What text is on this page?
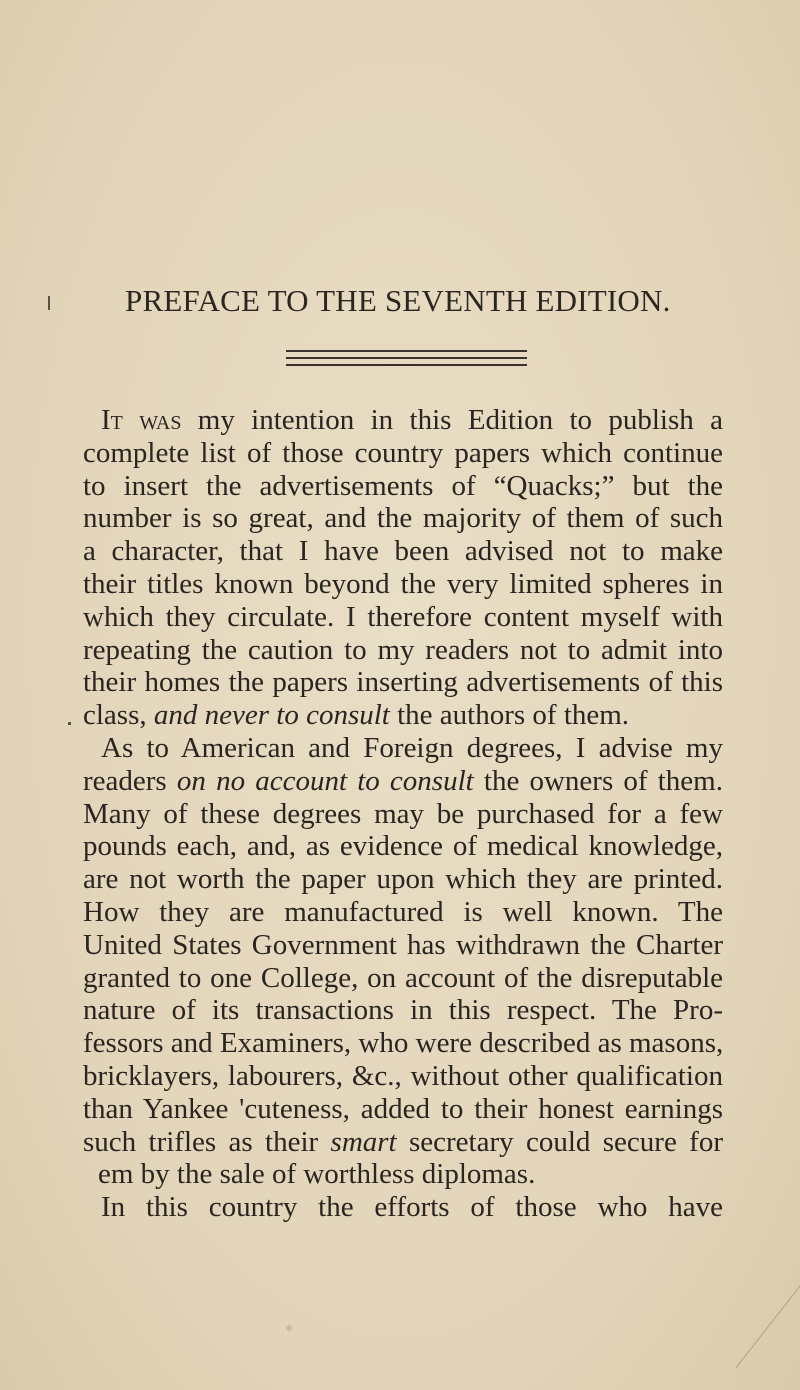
PREFACE TO THE SEVENTH EDITION.
It was my intention in this Edition to publish a
complete list of those country papers which continue
to insert the advertisements of “Quacks;” but the
number is so great, and the majority of them of such
a character, that I have been advised not to make
their titles known beyond the very limited spheres in
which they circulate. I therefore content myself with
repeating the caution to my readers not to admit into
their homes the papers inserting advertisements of this
class, and never to consult the authors of them.
As to American and Foreign degrees, I advise my
readers on no account to consult the owners of them.
Many of these degrees may be purchased for a few
pounds each, and, as evidence of medical knowledge,
are not worth the paper upon which they are printed.
How they are manufactured is well known. The
United States Government has withdrawn the Charter
granted to one College, on account of the disreputable
nature of its transactions in this respect. The Pro-
fessors and Examiners, who were described as masons,
bricklayers, labourers, &c., without other qualification
than Yankee 'cuteness, added to their honest earnings
such trifles as their smart secretary could secure for
em by the sale of worthless diplomas.
In this country the efforts of those who have
